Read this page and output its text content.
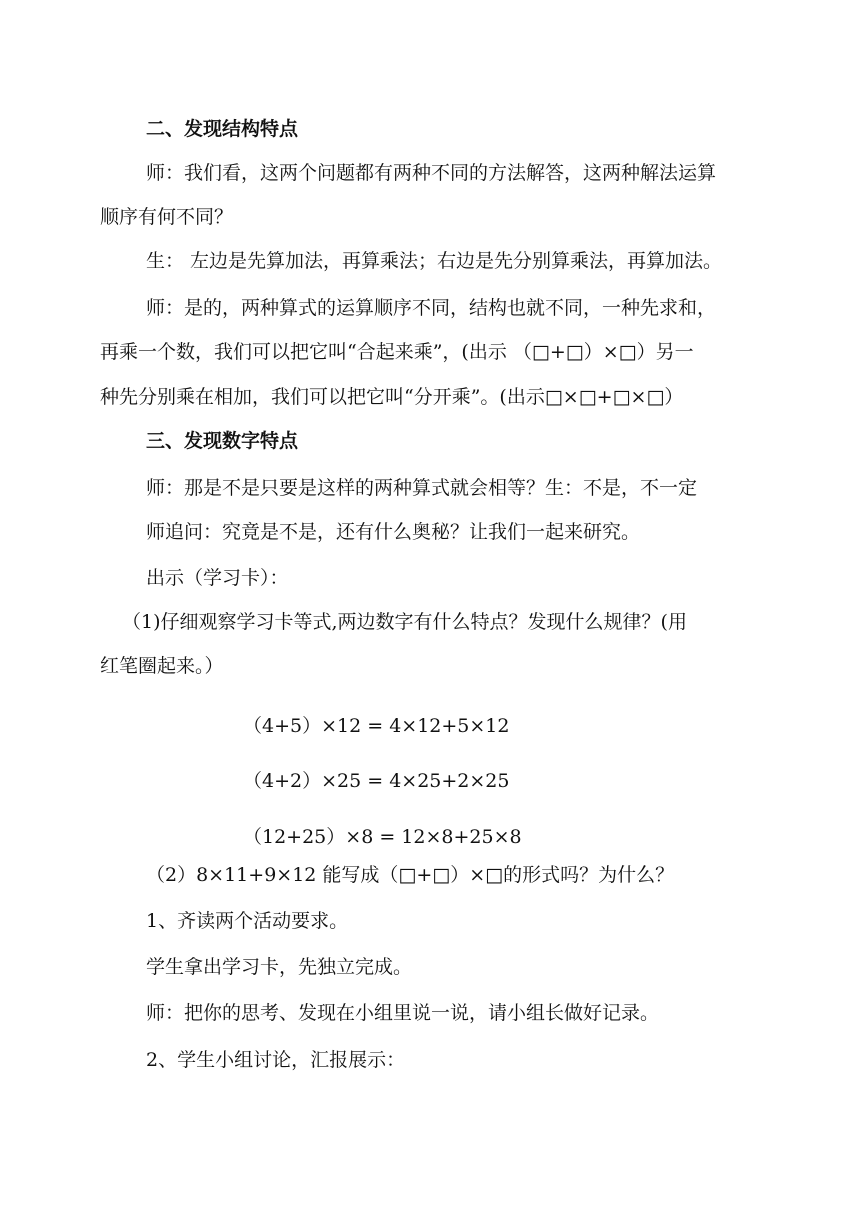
二、发现结构特点
师：我们看，这两个问题都有两种不同的方法解答，这两种解法运算
顺序有何不同？
生： 左边是先算加法，再算乘法；右边是先分别算乘法，再算加法。
师：是的，两种算式的运算顺序不同，结构也就不同，一种先求和，
再乘一个数，我们可以把它叫“合起来乘”，(出示 （□+□）×□）另一
种先分别乘在相加，我们可以把它叫“分开乘”。(出示□×□+□×□）
三、发现数字特点
师：那是不是只要是这样的两种算式就会相等？生：不是，不一定
师追问：究竟是不是，还有什么奥秘？让我们一起来研究。
出示（学习卡）：
（1)仔细观察学习卡等式,两边数字有什么特点？发现什么规律？(用
红笔圈起来。）
（4+5）×12 = 4×12+5×12
（4+2）×25 = 4×25+2×25
（12+25）×8 = 12×8+25×8
（2）8×11+9×12 能写成（□+□）×□的形式吗？为什么？
1、齐读两个活动要求。
学生拿出学习卡，先独立完成。
师：把你的思考、发现在小组里说一说，请小组长做好记录。
2、学生小组讨论，汇报展示：
